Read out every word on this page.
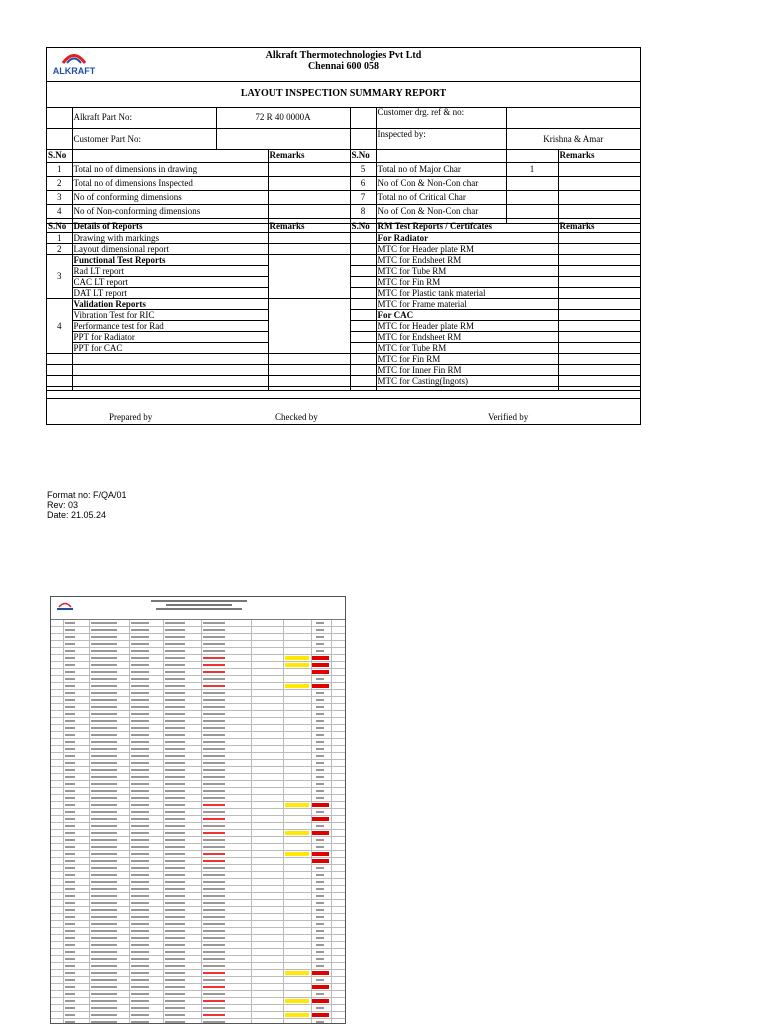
ALKRAFT
Alkraft Thermotechnologies Pvt Ltd
Chennai 600 058
LAYOUT INSPECTION SUMMARY REPORT
	Alkraft Part No:	72 R 40 0000A		Customer drg. ref & no:	
	Customer Part No:			Inspected by:	Krishna & Amar
S.No		Remarks	S.No			Remarks
1	Total no of dimensions in drawing		5	Total no of Major Char	1	
2	Total no of dimensions Inspected		6	No of Con & Non-Con char		
3	No of conforming dimensions		7	Total no of Critical Char		
4	No of Non-conforming dimensions		8	No of Con & Non-Con char		

S.No	Details of Reports	Remarks	S.No	RM Test Reports / Certifcates	Remarks
1	Drawing with markings			For Radiator	
2	Layout dimensional report			MTC for Header plate RM	
3	Functional Test Reports			MTC for Endsheet RM	
	Rad LT report			MTC for Tube RM	
	CAC LT report			MTC for Fin RM	
	DAT LT report			MTC for Plastic tank material	
4	Validation Reports			MTC for Frame material	
	Vibration Test for RIC			For CAC	
	Performance test for Rad			MTC for Header plate RM	
	PPT for Radiator			MTC for Endsheet RM	
	PPT for CAC			MTC for Tube RM	
				MTC for Fin RM	
				MTC for Inner Fin RM	
				MTC for Casting(Ingots)	

Prepared by	Checked by	Verified by
Format no: F/QA/01
Rev: 03
Date: 21.05.24
